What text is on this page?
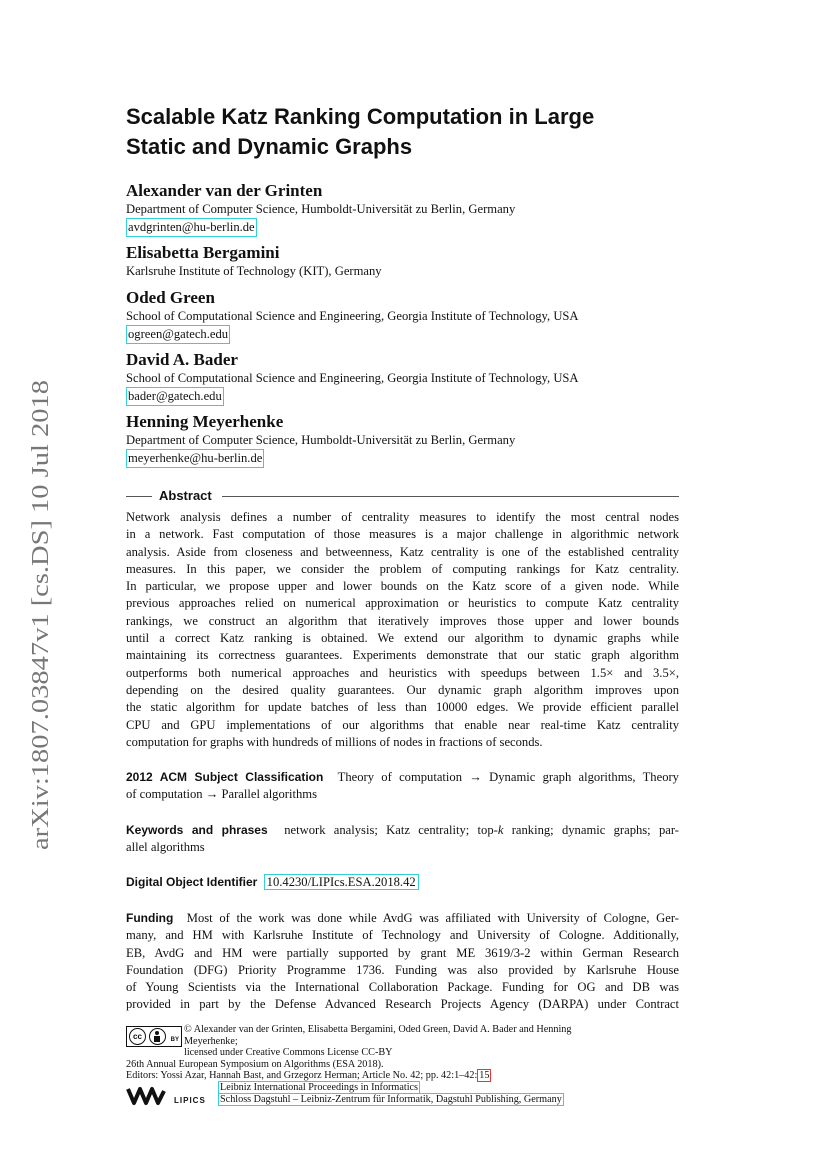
arXiv:1807.03847v1 [cs.DS] 10 Jul 2018
Scalable Katz Ranking Computation in Large
Static and Dynamic Graphs
Alexander van der Grinten
Department of Computer Science, Humboldt-Universität zu Berlin, Germany
avdgrinten@hu-berlin.de
Elisabetta Bergamini
Karlsruhe Institute of Technology (KIT), Germany
Oded Green
School of Computational Science and Engineering, Georgia Institute of Technology, USA
ogreen@gatech.edu
David A. Bader
School of Computational Science and Engineering, Georgia Institute of Technology, USA
bader@gatech.edu
Henning Meyerhenke
Department of Computer Science, Humboldt-Universität zu Berlin, Germany
meyerhenke@hu-berlin.de
Abstract
Network analysis defines a number of centrality measures to identify the most central nodes
in a network. Fast computation of those measures is a major challenge in algorithmic network
analysis. Aside from closeness and betweenness, Katz centrality is one of the established centrality
measures. In this paper, we consider the problem of computing rankings for Katz centrality.
In particular, we propose upper and lower bounds on the Katz score of a given node. While
previous approaches relied on numerical approximation or heuristics to compute Katz centrality
rankings, we construct an algorithm that iteratively improves those upper and lower bounds
until a correct Katz ranking is obtained. We extend our algorithm to dynamic graphs while
maintaining its correctness guarantees. Experiments demonstrate that our static graph algorithm
outperforms both numerical approaches and heuristics with speedups between 1.5× and 3.5×,
depending on the desired quality guarantees. Our dynamic graph algorithm improves upon
the static algorithm for update batches of less than 10000 edges. We provide efficient parallel
CPU and GPU implementations of our algorithms that enable near real-time Katz centrality
computation for graphs with hundreds of millions of nodes in fractions of seconds.
2012 ACM Subject Classification Theory of computation → Dynamic graph algorithms, Theory
of computation → Parallel algorithms
Keywords and phrases network analysis; Katz centrality; top-k ranking; dynamic graphs; par-
allel algorithms
Digital Object Identifier 10.4230/LIPIcs.ESA.2018.42
Funding Most of the work was done while AvdG was affiliated with University of Cologne, Ger-
many, and HM with Karlsruhe Institute of Technology and University of Cologne. Additionally,
EB, AvdG and HM were partially supported by grant ME 3619/3-2 within German Research
Foundation (DFG) Priority Programme 1736. Funding was also provided by Karlsruhe House
of Young Scientists via the International Collaboration Package. Funding for OG and DB was
provided in part by the Defense Advanced Research Projects Agency (DARPA) under Contract
cc	BY
© Alexander van der Grinten, Elisabetta Bergamini, Oded Green, David A. Bader and Henning
Meyerhenke;
licensed under Creative Commons License CC-BY
26th Annual European Symposium on Algorithms (ESA 2018).
Editors: Yossi Azar, Hannah Bast, and Grzegorz Herman; Article No. 42; pp. 42:1–42: 15
LIPICS
Leibniz International Proceedings in Informatics
Schloss Dagstuhl – Leibniz-Zentrum für Informatik, Dagstuhl Publishing, Germany
